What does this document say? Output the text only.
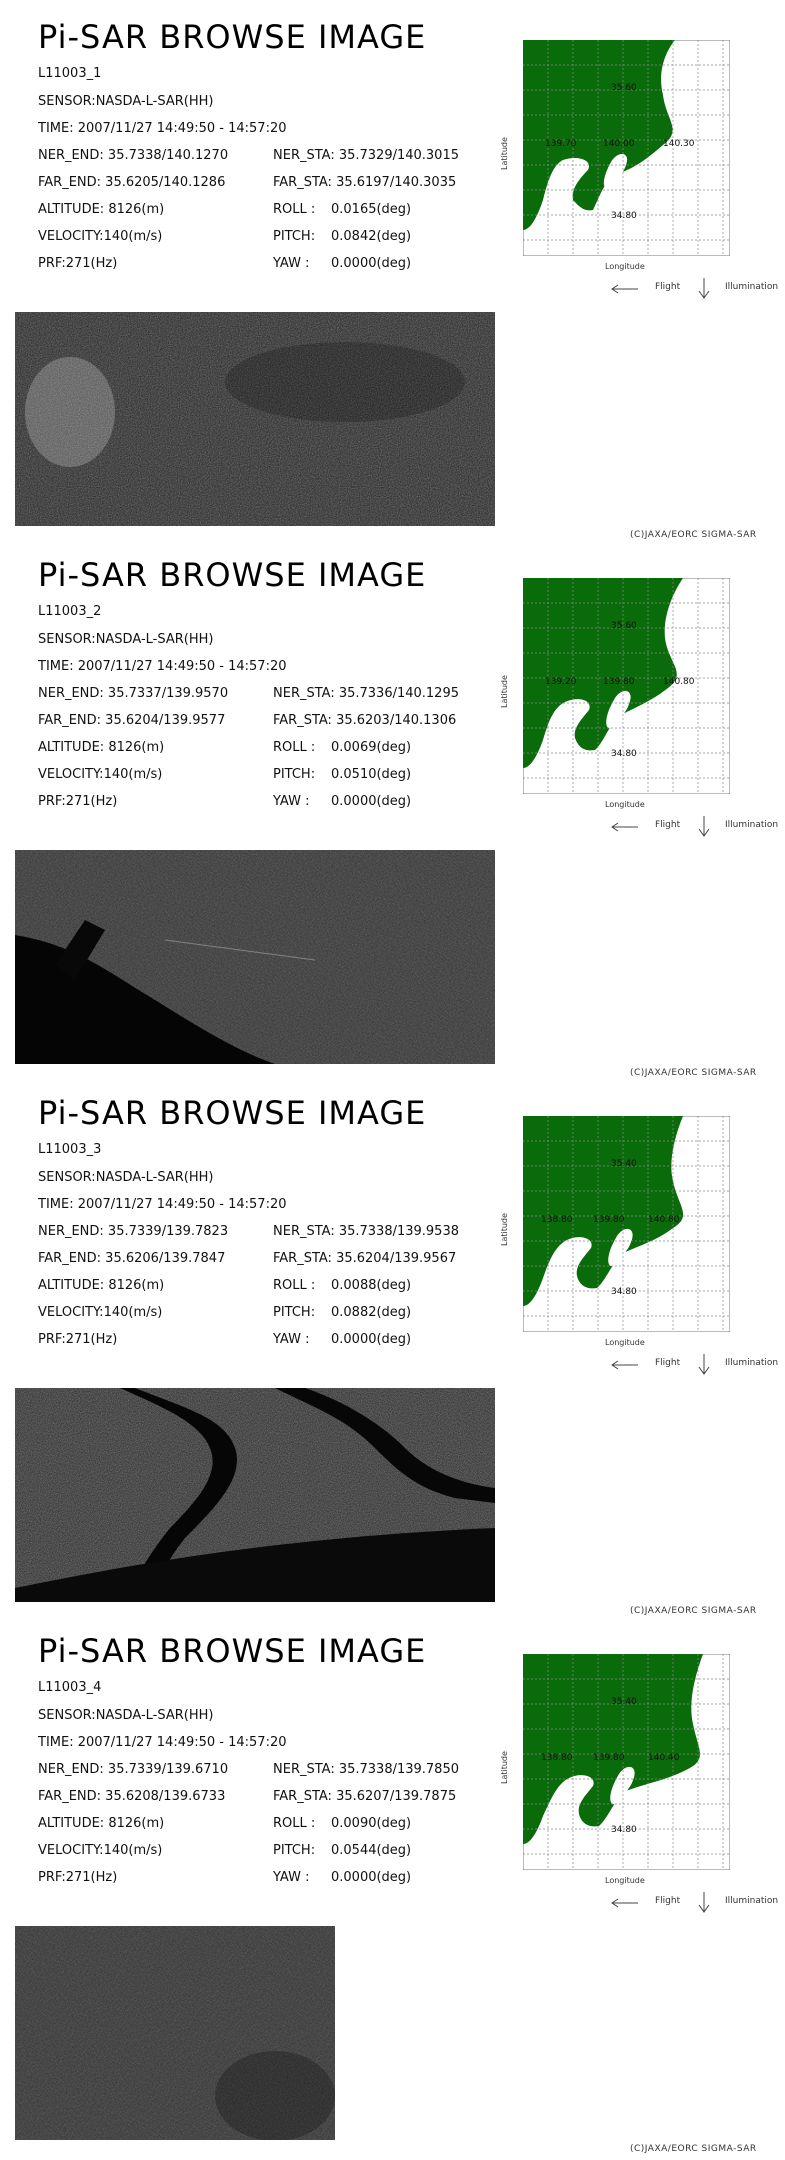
Pi-SAR BROWSE IMAGE
L11003_1
SENSOR:NASDA-L-SAR(HH)
TIME: 2007/11/27 14:49:50 - 14:57:20
NER_END: 35.7338/140.1270	NER_STA: 35.7329/140.3015
FAR_END: 35.6205/140.1286	FAR_STA: 35.6197/140.3035
ALTITUDE: 8126(m)	ROLL : 0.0165(deg)
VELOCITY:140(m/s)	PITCH: 0.0842(deg)
PRF:271(Hz)	YAW : 0.0000(deg)
35.60
139.70	140.00	140.30
34.80
Latitude
Longitude
Flight	Illumination
(C)JAXA/EORC SIGMA-SAR
Pi-SAR BROWSE IMAGE
L11003_2
SENSOR:NASDA-L-SAR(HH)
TIME: 2007/11/27 14:49:50 - 14:57:20
NER_END: 35.7337/139.9570	NER_STA: 35.7336/140.1295
FAR_END: 35.6204/139.9577	FAR_STA: 35.6203/140.1306
ALTITUDE: 8126(m)	ROLL : 0.0069(deg)
VELOCITY:140(m/s)	PITCH: 0.0510(deg)
PRF:271(Hz)	YAW : 0.0000(deg)
35.60
139.20	139.80	140.80
34.80
Latitude
Longitude
Flight	Illumination
(C)JAXA/EORC SIGMA-SAR
Pi-SAR BROWSE IMAGE
L11003_3
SENSOR:NASDA-L-SAR(HH)
TIME: 2007/11/27 14:49:50 - 14:57:20
NER_END: 35.7339/139.7823	NER_STA: 35.7338/139.9538
FAR_END: 35.6206/139.7847	FAR_STA: 35.6204/139.9567
ALTITUDE: 8126(m)	ROLL : 0.0088(deg)
VELOCITY:140(m/s)	PITCH: 0.0882(deg)
PRF:271(Hz)	YAW : 0.0000(deg)
35.40
138.80 139.80	140.80
34.80
Latitude
Longitude
Flight	Illumination
(C)JAXA/EORC SIGMA-SAR
Pi-SAR BROWSE IMAGE
L11003_4
SENSOR:NASDA-L-SAR(HH)
TIME: 2007/11/27 14:49:50 - 14:57:20
NER_END: 35.7339/139.6710	NER_STA: 35.7338/139.7850
FAR_END: 35.6208/139.6733	FAR_STA: 35.6207/139.7875
ALTITUDE: 8126(m)	ROLL : 0.0090(deg)
VELOCITY:140(m/s)	PITCH: 0.0544(deg)
PRF:271(Hz)	YAW : 0.0000(deg)
35.40
138.80 139.80	140.40
34.80
Latitude
Longitude
Flight	Illumination
(C)JAXA/EORC SIGMA-SAR
